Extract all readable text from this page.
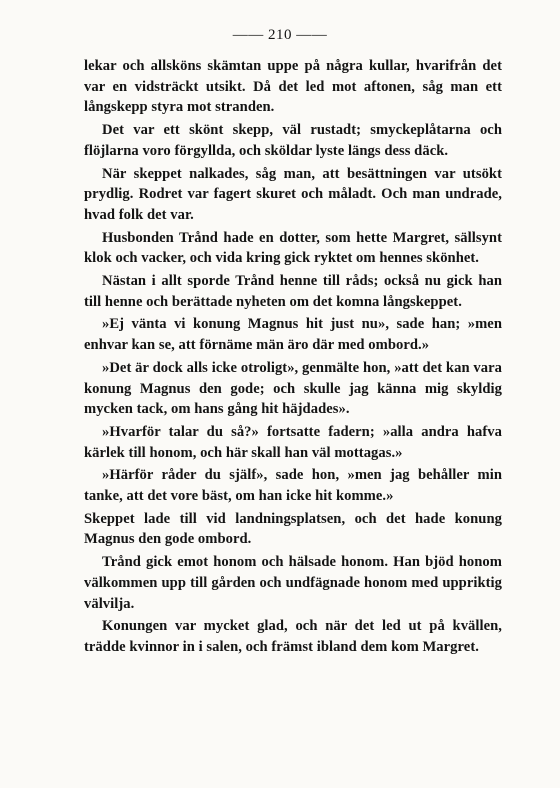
—— 210 ——

lekar och allsköns skämtan uppe på några kullar, hvarifrån det var en vidsträckt utsikt. Då det led mot aftonen, såg man ett långskepp styra mot stranden.

Det var ett skönt skepp, väl rustadt; smyckeplåtarna och flöjlarna voro förgyllda, och sköldar lyste längs dess däck.

När skeppet nalkades, såg man, att besättningen var utsökt prydlig. Rodret var fagert skuret och måladt. Och man undrade, hvad folk det var.

Husbonden Trånd hade en dotter, som hette Margret, sällsynt klok och vacker, och vida kring gick ryktet om hennes skönhet.

Nästan i allt sporde Trånd henne till råds; också nu gick han till henne och berättade nyheten om det komna långskeppet.

»Ej vänta vi konung Magnus hit just nu», sade han; »men enhvar kan se, att förnäme män äro där med ombord.»

»Det är dock alls icke otroligt», genmälte hon, »att det kan vara konung Magnus den gode; och skulle jag känna mig skyldig mycken tack, om hans gång hit häjdades».

»Hvarför talar du så?» fortsatte fadern; »alla andra hafva kärlek till honom, och här skall han väl mottagas.»

»Härför råder du själf», sade hon, »men jag behåller min tanke, att det vore bäst, om han icke hit komme.»

Skeppet lade till vid landningsplatsen, och det hade konung Magnus den gode ombord.

Trånd gick emot honom och hälsade honom. Han bjöd honom välkommen upp till gården och undfägnade honom med uppriktig välvilja.

Konungen var mycket glad, och när det led ut på kvällen, trädde kvinnor in i salen, och främst ibland dem kom Margret.
